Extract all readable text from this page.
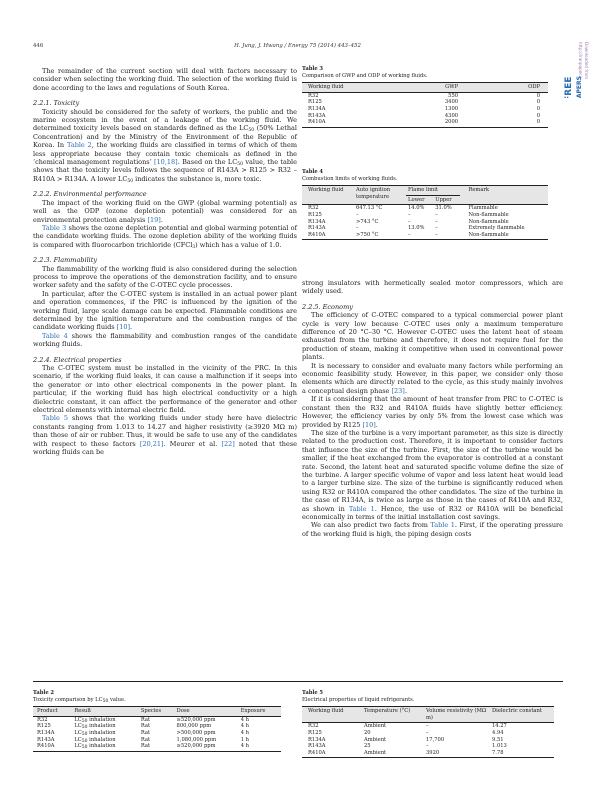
446	H. Jung, J. Hwang / Energy 75 (2014) 443–452	Downloaded from
http://iranpaper.ir
FREE PAPERS

The remainder of the current section will deal with factors necessary to consider when selecting the working fluid. The selection of the working fluid is done according to the laws and regulations of South Korea.

2.2.1. Toxicity

Toxicity should be considered for the safety of workers, the public and the marine ecosystem in the event of a leakage of the working fluid. We determined toxicity levels based on standards defined as the $LC_{50}$ (50% Lethal Concentration) and by the Ministry of the Environment of the Republic of Korea. In Table 2, the working fluids are classified in terms of which of them less appropriate because they contain toxic chemicals as defined in the ‘chemical management regulations’ [10,18]. Based on the $LC_{50}$ value, the table shows that the toxicity levels follows the sequence of R143A > R125 > R32 – R410A > R134A. A lower $LC_{50}$ indicates the substance is, more toxic.

2.2.2. Environmental performance

The impact of the working fluid on the GWP (global warming potential) as well as the ODP (ozone depletion potential) was considered for an environmental protection analysis [19].

Table 3 shows the ozone depletion potential and global warming potential of the candidate working fluids. The ozone depletion ability of the working fluids is compared with fluorocarbon trichloride (CFCl$_3$) which has a value of 1.0.

2.2.3. Flammability

The flammability of the working fluid is also considered during the selection process to improve the operations of the demonstration facility, and to ensure worker safety and the safety of the C-OTEC cycle processes.

In particular, after the C-OTEC system is installed in an actual power plant and operation commences, if the PRC is influenced by the ignition of the working fluid, large scale damage can be expected. Flammable conditions are determined by the ignition temperature and the combustion ranges of the candidate working fluids [10].

Table 4 shows the flammability and combustion ranges of the candidate working fluids.

2.2.4. Electrical properties

The C-OTEC system must be installed in the vicinity of the PRC. In this scenario, if the working fluid leaks, it can cause a malfunction if it seeps into the generator or into other electrical components in the power plant. In particular, if the working fluid has high electrical conductivity or a high dielectric constant, it can affect the performance of the generator and other electrical elements with internal electric field.

Table 5 shows that the working fluids under study here have dielectric constants ranging from 1.013 to 14.27 and higher resistivity (≥3920 MΩ m) than those of air or rubber. Thus, it would be safe to use any of the candidates with respect to these factors [20,21]. Meurer et al. [22] noted that these working fluids can be

Table 3
Comparison of GWP and ODP of working fluids.
Working fluid	GWP	ODP
R32	550	0
R125	3400	0
R134A	1300	0
R143A	4300	0
R410A	2000	0
Table 4
Combustion limits of working fluids.
Working fluid	Auto ignition temperature	Flame limit		Remark
		Lower	Upper	
R32	647.13 °C	14.0%	31.0%	Flammable
R125	–	–	–	Non-flammable
R134A	>743 °C	–	–	Non-flammable
R143A	–	13.0%	–	Extremely flammable
R410A	>750 °C	–	–	Non-flammable

strong insulators with hermetically sealed motor compressors, which are widely used.

2.2.5. Economy

The efficiency of C-OTEC compared to a typical commercial power plant cycle is very low because C-OTEC uses only a maximum temperature difference of 20 °C–30 °C. However C-OTEC uses the latent heat of steam exhausted from the turbine and therefore, it does not require fuel for the production of steam, making it competitive when used in conventional power plants.

It is necessary to consider and evaluate many factors while performing an economic feasibility study. However, in this paper, we consider only those elements which are directly related to the cycle, as this study mainly involves a conceptual design phase [23].

If it is considering that the amount of heat transfer from PRC to C-OTEC is constant then the R32 and R410A fluids have slightly better efficiency. However, the efficiency varies by only 5% from the lowest case which was provided by R125 [10].

The size of the turbine is a very important parameter, as this size is directly related to the production cost. Therefore, it is important to consider factors that influence the size of the turbine. First, the size of the turbine would be smaller, if the heat exchanged from the evaporator is controlled at a constant rate. Second, the latent heat and saturated specific volume define the size of the turbine. A larger specific volume of vapor and less latent heat would lead to a larger turbine size. The size of the turbine is significantly reduced when using R32 or R410A compared the other candidates. The size of the turbine in the case of R134A, is twice as large as those in the cases of R410A and R32, as shown in Table 1. Hence, the use of R32 or R410A will be beneficial economically in terms of the initial installation cost savings.

We can also predict two facts from Table 1. First, if the operating pressure of the working fluid is high, the piping design costs

Table 2
Toxicity comparison by $LC_{50}$ value.
Product	Result	Species	Dose	Exposure
R32	$LC_{50}$ inhalation	Rat	≥520,000 ppm	4 h
R125	$LC_{50}$ inhalation	Rat	800,000 ppm	4 h
R134A	$LC_{50}$ inhalation	Rat	>500,000 ppm	4 h
R143A	$LC_{50}$ inhalation	Rat	1,080,000 ppm	1 h
R410A	$LC_{50}$ inhalation	Rat	≥520,000 ppm	4 h
Table 5
Electrical properties of liquid refrigerants.
Working fluid	Temperature (°C)	Volume resistivity (MΩ m)	Dielectric constant
R32	Ambient	–	14.27
R125	20	–	4.94
R134A	Ambient	17,700	9.51
R143A	25	–	1.013
R410A	Ambient	3920	7.78
